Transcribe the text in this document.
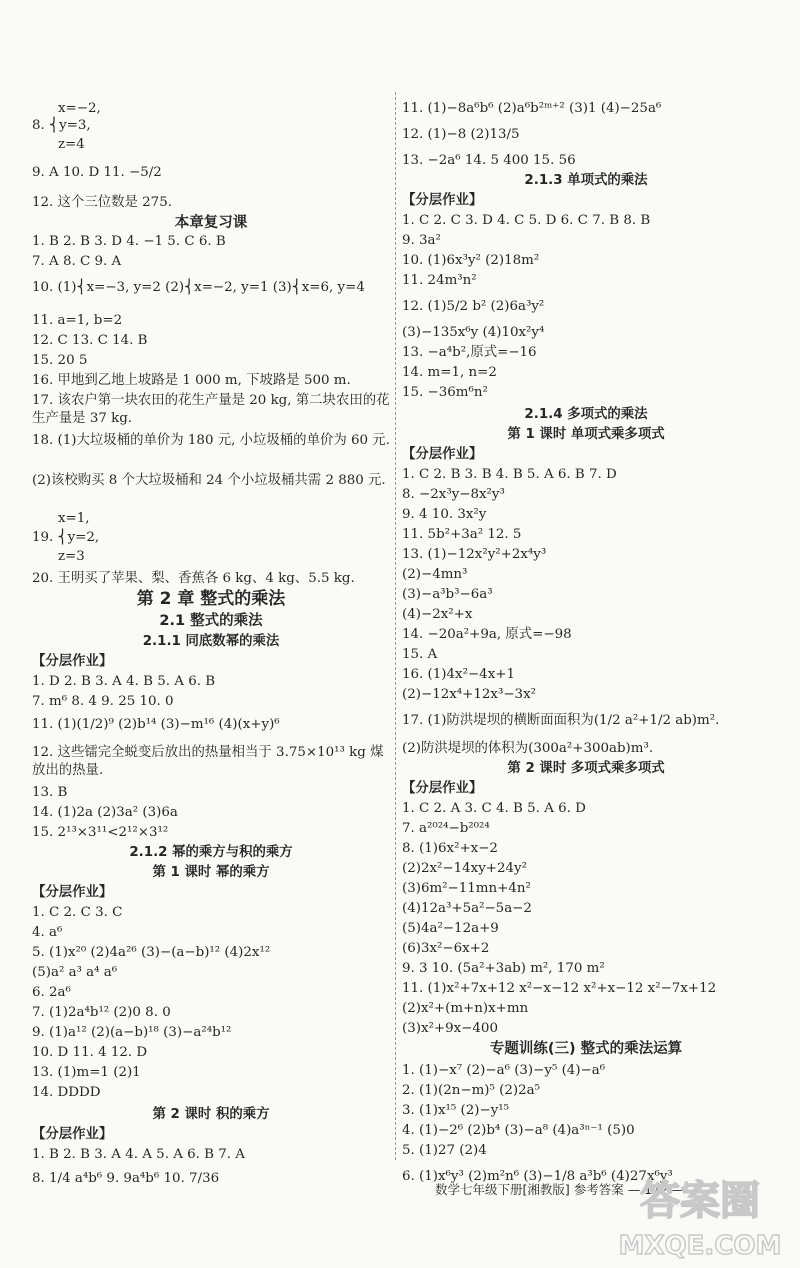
x=−2,
8. ⎨y=3,
z=4
9. A 10. D 11. −5/2
12. 这个三位数是 275.
本章复习课
1. B 2. B 3. D 4. −1 5. C 6. B
7. A 8. C 9. A
10. (1)⎨x=−3, y=2 (2)⎨x=−2, y=1 (3)⎨x=6, y=4
11. a=1, b=2
12. C 13. C 14. B
15. 20 5
16. 甲地到乙地上坡路是 1 000 m, 下坡路是 500 m.
17. 该农户第一块农田的花生产量是 20 kg, 第二块农田的花生产量是 37 kg.
18. (1)大垃圾桶的单价为 180 元, 小垃圾桶的单价为 60 元.
(2)该校购买 8 个大垃圾桶和 24 个小垃圾桶共需 2 880 元.
x=1,
19. ⎨y=2,
z=3
20. 王明买了苹果、梨、香蕉各 6 kg、4 kg、5.5 kg.
第 2 章 整式的乘法
2.1 整式的乘法
2.1.1 同底数幂的乘法
【分层作业】
1. D 2. B 3. A 4. B 5. A 6. B
7. m⁶ 8. 4 9. 25 10. 0
11. (1)(1/2)⁹ (2)b¹⁴ (3)−m¹⁶ (4)(x+y)⁶
12. 这些镭完全蜕变后放出的热量相当于 3.75×10¹³ kg 煤放出的热量.
13. B
14. (1)2a (2)3a² (3)6a
15. 2¹³×3¹¹<2¹²×3¹²
2.1.2 幂的乘方与积的乘方
第 1 课时 幂的乘方
【分层作业】
1. C 2. C 3. C
4. a⁶
5. (1)x²⁰ (2)4a²⁶ (3)−(a−b)¹² (4)2x¹²
(5)a² a³ a⁴ a⁶
6. 2a⁶
7. (1)2a⁴b¹² (2)0 8. 0
9. (1)a¹² (2)(a−b)¹⁸ (3)−a²⁴b¹²
10. D 11. 4 12. D
13. (1)m=1 (2)1
14. DDDD
第 2 课时 积的乘方
【分层作业】
1. B 2. B 3. A 4. A 5. A 6. B 7. A
8. 1/4 a⁴b⁶ 9. 9a⁴b⁶ 10. 7/36
11. (1)−8a⁶b⁶ (2)a⁶b²ᵐ⁺² (3)1 (4)−25a⁶
12. (1)−8 (2)13/5
13. −2a⁶ 14. 5 400 15. 56
2.1.3 单项式的乘法
【分层作业】
1. C 2. C 3. D 4. C 5. D 6. C 7. B 8. B
9. 3a²
10. (1)6x³y² (2)18m²
11. 24m³n²
12. (1)5/2 b² (2)6a³y²
(3)−135x⁶y (4)10x²y⁴
13. −a⁴b²,原式=−16
14. m=1, n=2
15. −36m⁶n²
2.1.4 多项式的乘法
第 1 课时 单项式乘多项式
【分层作业】
1. C 2. B 3. B 4. B 5. A 6. B 7. D
8. −2x³y−8x²y³
9. 4 10. 3x²y
11. 5b²+3a² 12. 5
13. (1)−12x²y²+2x⁴y³
(2)−4mn³
(3)−a³b³−6a³
(4)−2x²+x
14. −20a²+9a, 原式=−98
15. A
16. (1)4x²−4x+1
(2)−12x⁴+12x³−3x²
17. (1)防洪堤坝的横断面面积为(1/2 a²+1/2 ab)m².
(2)防洪堤坝的体积为(300a²+300ab)m³.
第 2 课时 多项式乘多项式
【分层作业】
1. C 2. A 3. C 4. B 5. A 6. D
7. a²⁰²⁴−b²⁰²⁴
8. (1)6x²+x−2
(2)2x²−14xy+24y²
(3)6m²−11mn+4n²
(4)12a³+5a²−5a−2
(5)4a²−12a+9
(6)3x²−6x+2
9. 3 10. (5a²+3ab) m², 170 m²
11. (1)x²+7x+12 x²−x−12 x²+x−12 x²−7x+12
(2)x²+(m+n)x+mn
(3)x²+9x−400
专题训练(三) 整式的乘法运算
1. (1)−x⁷ (2)−a⁶ (3)−y⁵ (4)−a⁶
2. (1)(2n−m)⁵ (2)2a⁵
3. (1)x¹⁵ (2)−y¹⁵
4. (1)−2⁶ (2)b⁴ (3)−a⁸ (4)a³ⁿ⁻¹ (5)0
5. (1)27 (2)4
6. (1)x⁶y³ (2)m²n⁶ (3)−1/8 a³b⁶ (4)27x⁶y³
数学七年级下册[湘教版] 参考答案 — 172 —
答案圈
MXQE.COM
